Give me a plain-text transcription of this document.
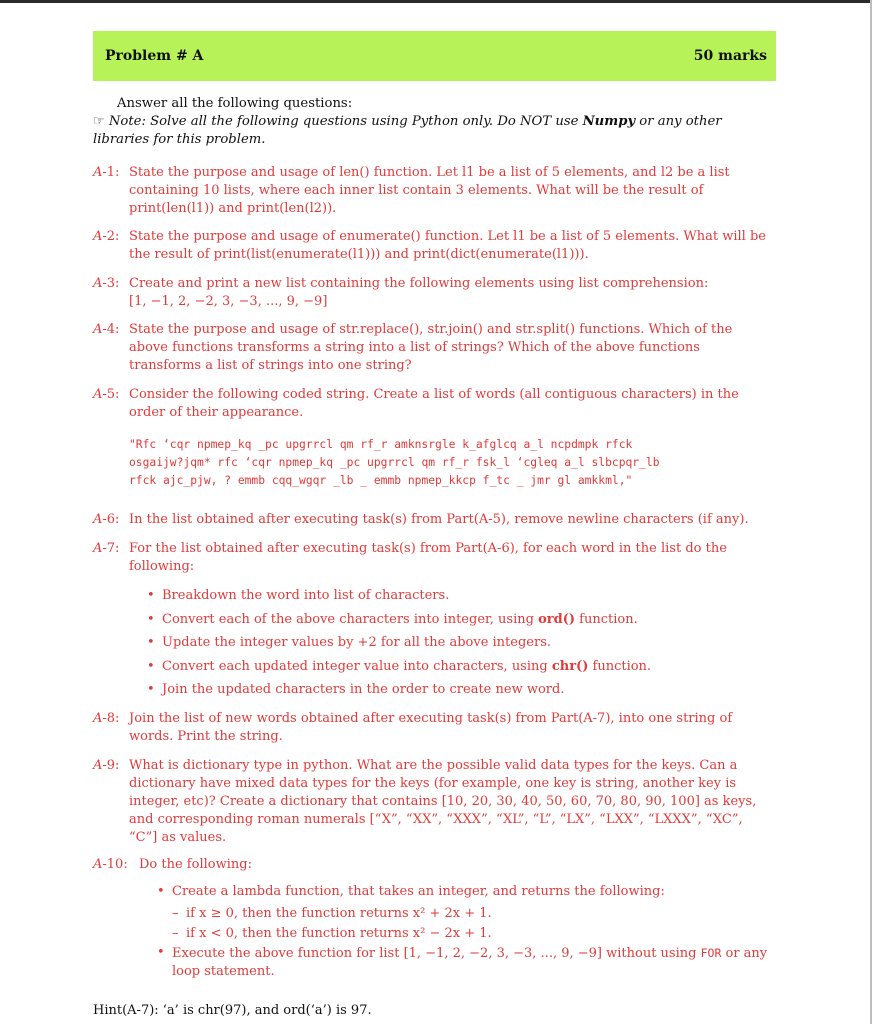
Problem # A	50 marks
Answer all the following questions:
☞ Note: Solve all the following questions using Python only. Do NOT use Numpy or any other libraries for this problem.
A-1: State the purpose and usage of len() function. Let l1 be a list of 5 elements, and l2 be a list containing 10 lists, where each inner list contain 3 elements. What will be the result of print(len(l1)) and print(len(l2)).
A-2: State the purpose and usage of enumerate() function. Let l1 be a list of 5 elements. What will be the result of print(list(enumerate(l1))) and print(dict(enumerate(l1))).
A-3: Create and print a new list containing the following elements using list comprehension:
[1, −1, 2, −2, 3, −3, ..., 9, −9]
A-4: State the purpose and usage of str.replace(), str.join() and str.split() functions. Which of the above functions transforms a string into a list of strings? Which of the above functions transforms a list of strings into one string?
A-5: Consider the following coded string. Create a list of words (all contiguous characters) in the order of their appearance.
"Rfc ‘cqr npmep_kq _pc upgrrcl qm rf_r amknsrgle k_afglcq a_l ncpdmpk rfck
osgaijw?jqm* rfc ‘cqr npmep_kq _pc upgrrcl qm rf_r fsk_l ‘cgleq a_l slbcpqr_lb
rfck ajc_pjw, ? emmb cqq_wgqr _lb _ emmb npmep_kkcp f_tc _ jmr gl amkkml,"
A-6: In the list obtained after executing task(s) from Part(A-5), remove newline characters (if any).
A-7: For the list obtained after executing task(s) from Part(A-6), for each word in the list do the following:
• Breakdown the word into list of characters.
• Convert each of the above characters into integer, using ord() function.
• Update the integer values by +2 for all the above integers.
• Convert each updated integer value into characters, using chr() function.
• Join the updated characters in the order to create new word.
A-8: Join the list of new words obtained after executing task(s) from Part(A-7), into one string of words. Print the string.
A-9: What is dictionary type in python. What are the possible valid data types for the keys. Can a dictionary have mixed data types for the keys (for example, one key is string, another key is integer, etc)? Create a dictionary that contains [10, 20, 30, 40, 50, 60, 70, 80, 90, 100] as keys, and corresponding roman numerals [“X”, “XX”, “XXX”, “XL”, “L”, “LX”, “LXX”, “LXXX”, “XC”, “C”] as values.
A-10: Do the following:
• Create a lambda function, that takes an integer, and returns the following:
– if x ≥ 0, then the function returns x² + 2x + 1.
– if x < 0, then the function returns x² − 2x + 1.
• Execute the above function for list [1, −1, 2, −2, 3, −3, ..., 9, −9] without using FOR or any loop statement.
Hint(A-7): ‘a’ is chr(97), and ord(‘a’) is 97.
